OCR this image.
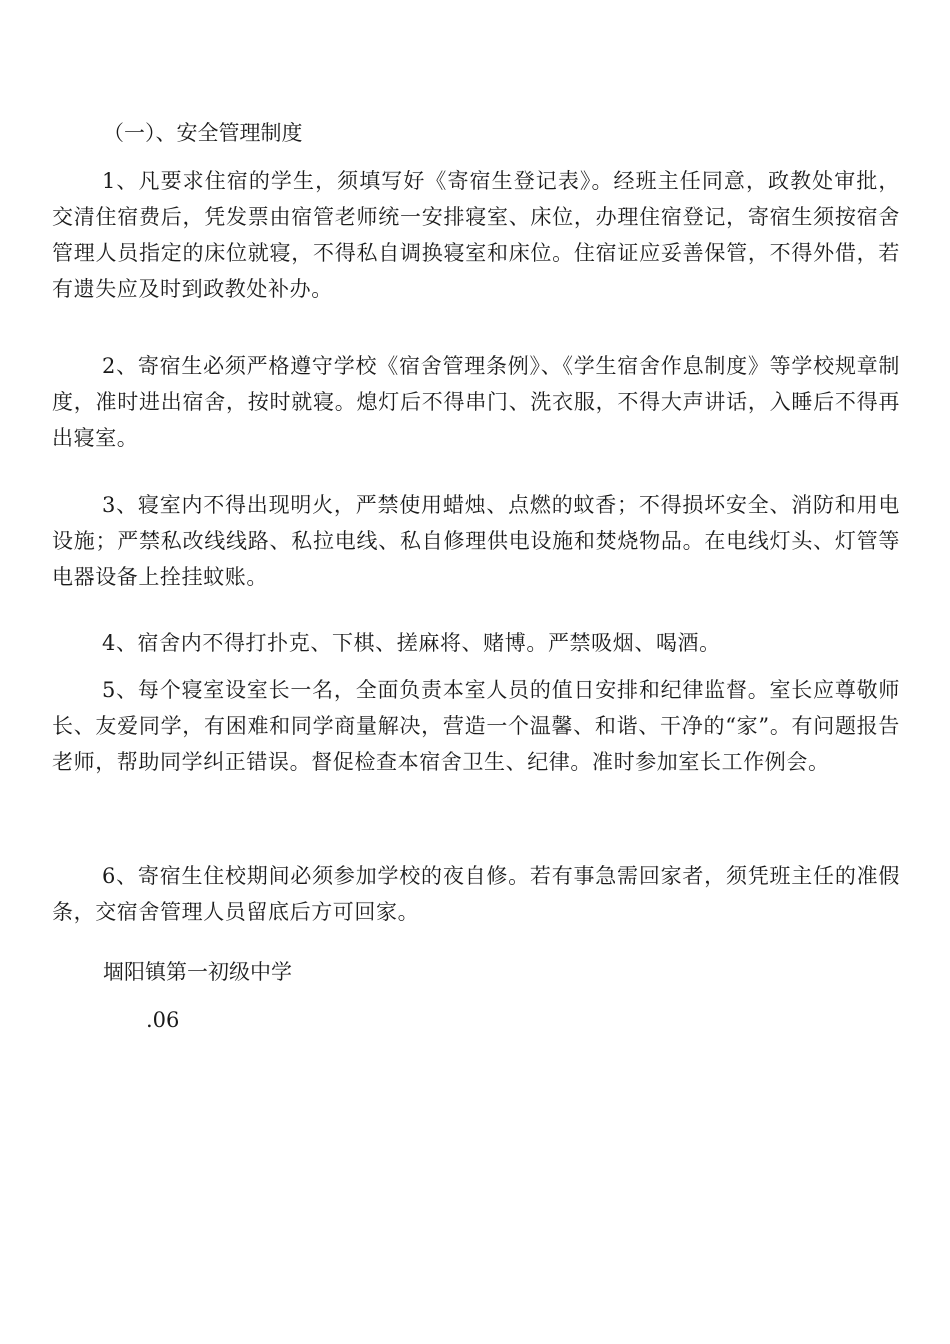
（一）、安全管理制度

1、凡要求住宿的学生，须填写好《寄宿生登记表》。经班主任同意，政教处审批，交清住宿费后，凭发票由宿管老师统一安排寝室、床位，办理住宿登记，寄宿生须按宿舍管理人员指定的床位就寝，不得私自调换寝室和床位。住宿证应妥善保管，不得外借，若有遗失应及时到政教处补办。

2、寄宿生必须严格遵守学校《宿舍管理条例》、《学生宿舍作息制度》等学校规章制度，准时进出宿舍，按时就寝。熄灯后不得串门、洗衣服，不得大声讲话，入睡后不得再出寝室。

3、寝室内不得出现明火，严禁使用蜡烛、点燃的蚊香；不得损坏安全、消防和用电设施；严禁私改线线路、私拉电线、私自修理供电设施和焚烧物品。在电线灯头、灯管等电器设备上拴挂蚊账。

4、宿舍内不得打扑克、下棋、搓麻将、赌博。严禁吸烟、喝酒。

5、每个寝室设室长一名，全面负责本室人员的值日安排和纪律监督。室长应尊敬师长、友爱同学，有困难和同学商量解决，营造一个温馨、和谐、干净的“家”。有问题报告老师，帮助同学纠正错误。督促检查本宿舍卫生、纪律。准时参加室长工作例会。

6、寄宿生住校期间必须参加学校的夜自修。若有事急需回家者，须凭班主任的准假条，交宿舍管理人员留底后方可回家。

堌阳镇第一初级中学
.06
